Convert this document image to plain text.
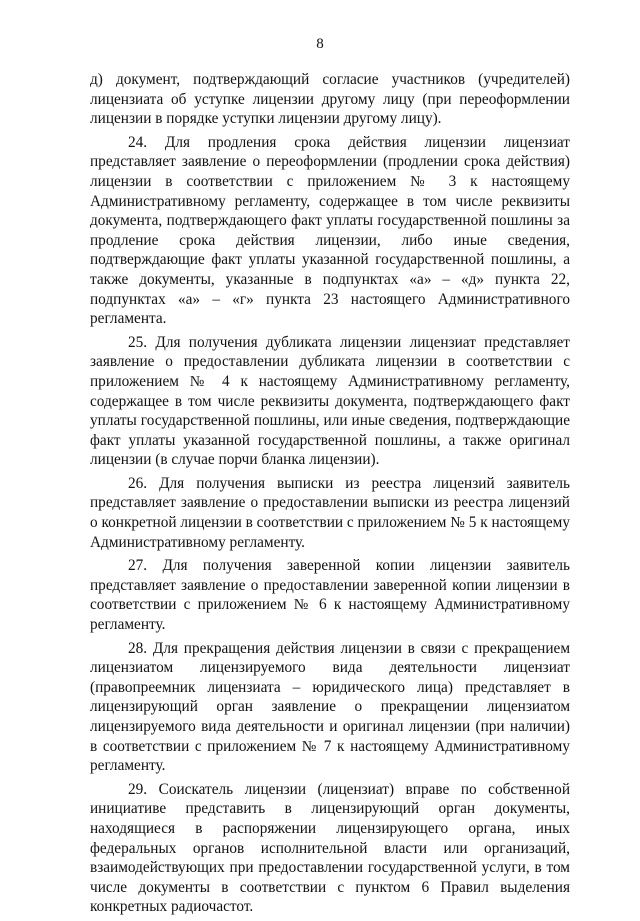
8

д) документ, подтверждающий согласие участников (учредителей) лицензиата об уступке лицензии другому лицу (при переоформлении лицензии в порядке уступки лицензии другому лицу).

24. Для продления срока действия лицензии лицензиат представляет заявление о переоформлении (продлении срока действия) лицензии в соответствии с приложением № 3 к настоящему Административному регламенту, содержащее в том числе реквизиты документа, подтверждающего факт уплаты государственной пошлины за продление срока действия лицензии, либо иные сведения, подтверждающие факт уплаты указанной государственной пошлины, а также документы, указанные в подпунктах «а» – «д» пункта 22, подпунктах «а» – «г» пункта 23 настоящего Административного регламента.

25. Для получения дубликата лицензии лицензиат представляет заявление о предоставлении дубликата лицензии в соответствии с приложением № 4 к настоящему Административному регламенту, содержащее в том числе реквизиты документа, подтверждающего факт уплаты государственной пошлины, или иные сведения, подтверждающие факт уплаты указанной государственной пошлины, а также оригинал лицензии (в случае порчи бланка лицензии).

26. Для получения выписки из реестра лицензий заявитель представляет заявление о предоставлении выписки из реестра лицензий о конкретной лицензии в соответствии с приложением № 5 к настоящему Административному регламенту.

27. Для получения заверенной копии лицензии заявитель представляет заявление о предоставлении заверенной копии лицензии в соответствии с приложением № 6 к настоящему Административному регламенту.

28. Для прекращения действия лицензии в связи с прекращением лицензиатом лицензируемого вида деятельности лицензиат (правопреемник лицензиата – юридического лица) представляет в лицензирующий орган заявление о прекращении лицензиатом лицензируемого вида деятельности и оригинал лицензии (при наличии) в соответствии с приложением № 7 к настоящему Административному регламенту.

29. Соискатель лицензии (лицензиат) вправе по собственной инициативе представить в лицензирующий орган документы, находящиеся в распоряжении лицензирующего органа, иных федеральных органов исполнительной власти или организаций, взаимодействующих при предоставлении государственной услуги, в том числе документы в соответствии с пунктом 6 Правил выделения конкретных радиочастот.
